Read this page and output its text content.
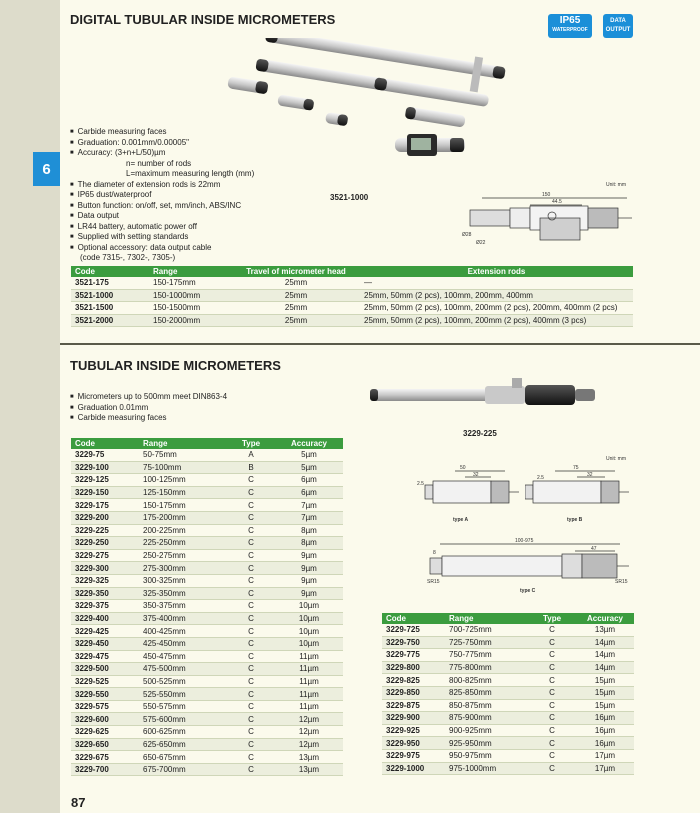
6
DIGITAL TUBULAR INSIDE MICROMETERS	IP65
WATERPROOF
DATA
OUTPUT
3521-1000
■ Carbide measuring faces
■ Graduation: 0.001mm/0.00005"
■ Accuracy: (3+n+L/50)µm
n= number of rods
L=maximum measuring length (mm)
■ The diameter of extension rods is 22mm
■ IP65 dust/waterproof
■ Button function: on/off, set, mm/inch, ABS/INC
■ Data output
■ LR44 battery, automatic power off
■ Supplied with setting standards
■ Optional accessory: data output cable
(code 7315-, 7302-, 7305-)
Unit: mm
150
44.5
Ø28
Ø22
Code	Range	Travel of micrometer head	Extension rods
3521-175	150-175mm	25mm	—
3521-1000	150-1000mm	25mm	25mm, 50mm (2 pcs), 100mm, 200mm, 400mm
3521-1500	150-1500mm	25mm	25mm, 50mm (2 pcs), 100mm, 200mm (2 pcs), 200mm, 400mm (2 pcs)
3521-2000	150-2000mm	25mm	25mm, 50mm (2 pcs), 100mm, 200mm (2 pcs), 400mm (3 pcs)
TUBULAR INSIDE MICROMETERS
■ Micrometers up to 500mm meet DIN863-4
■ Graduation 0.01mm
■ Carbide measuring faces
3229-225
Unit: mm
50
32
2.5
type A
75
32
2.5
type B
100-975
47
8
SR15	SR15
type C
Code	Range	Type	Accuracy
3229-75	50-75mm	A	5µm
3229-100	75-100mm	B	5µm
3229-125	100-125mm	C	6µm
3229-150	125-150mm	C	6µm
3229-175	150-175mm	C	7µm
3229-200	175-200mm	C	7µm
3229-225	200-225mm	C	8µm
3229-250	225-250mm	C	8µm
3229-275	250-275mm	C	9µm
3229-300	275-300mm	C	9µm
3229-325	300-325mm	C	9µm
3229-350	325-350mm	C	9µm
3229-375	350-375mm	C	10µm
3229-400	375-400mm	C	10µm
3229-425	400-425mm	C	10µm
3229-450	425-450mm	C	10µm
3229-475	450-475mm	C	11µm
3229-500	475-500mm	C	11µm
3229-525	500-525mm	C	11µm
3229-550	525-550mm	C	11µm
3229-575	550-575mm	C	11µm
3229-600	575-600mm	C	12µm
3229-625	600-625mm	C	12µm
3229-650	625-650mm	C	12µm
3229-675	650-675mm	C	13µm
3229-700	675-700mm	C	13µm
Code	Range	Type	Accuracy
3229-725	700-725mm	C	13µm
3229-750	725-750mm	C	14µm
3229-775	750-775mm	C	14µm
3229-800	775-800mm	C	14µm
3229-825	800-825mm	C	15µm
3229-850	825-850mm	C	15µm
3229-875	850-875mm	C	15µm
3229-900	875-900mm	C	16µm
3229-925	900-925mm	C	16µm
3229-950	925-950mm	C	16µm
3229-975	950-975mm	C	17µm
3229-1000	975-1000mm	C	17µm
87
